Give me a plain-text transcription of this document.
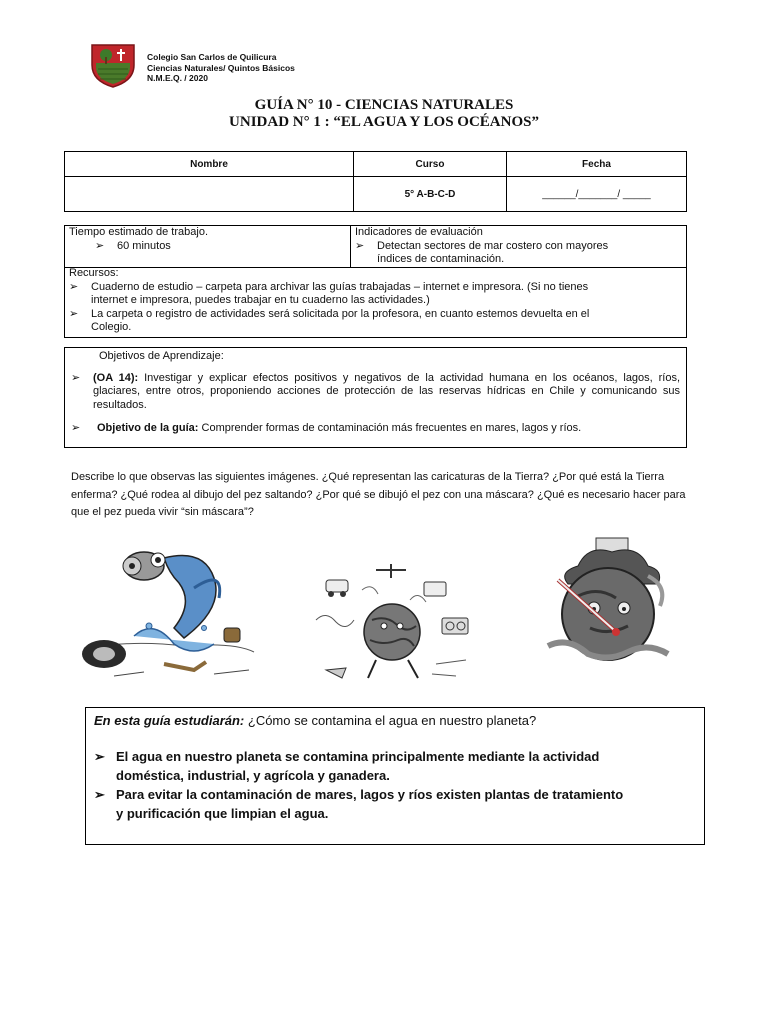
Colegio San Carlos de Quilicura
Ciencias Naturales/ Quintos Básicos
N.M.E.Q. / 2020
GUÍA N° 10 - CIENCIAS NATURALES
UNIDAD N° 1 : “EL AGUA Y LOS OCÉANOS”
Nombre	Curso	Fecha
	5° A-B-C-D	______/_______/ _____
Tiempo estimado de trabajo.
➢ 60 minutos
Indicadores de evaluación
➢ Detectan sectores de mar costero con mayores
índices de contaminación.
Recursos:
➢ Cuaderno de estudio – carpeta para archivar las guías trabajadas – internet e impresora. (Si no tienes
internet e impresora, puedes trabajar en tu cuaderno las actividades.)
➢ La carpeta o registro de actividades será solicitada por la profesora, en cuanto estemos devuelta en el
Colegio.
Objetivos de Aprendizaje:
➢	(OA 14): Investigar y explicar efectos positivos y negativos de la actividad humana en los océanos, lagos, ríos, glaciares, entre otros, proponiendo acciones de protección de las reservas hídricas en Chile y comunicando sus resultados.
➢	Objetivo de la guía: Comprender formas de contaminación más frecuentes en mares, lagos y ríos.
Describe lo que observas las siguientes imágenes. ¿Qué representan las caricaturas de la Tierra? ¿Por qué está la Tierra enferma? ¿Qué rodea al dibujo del pez saltando? ¿Por qué se dibujó el pez con una máscara? ¿Qué es necesario hacer para que el pez pueda vivir “sin máscara”?
En esta guía estudiarán: ¿Cómo se contamina el agua en nuestro planeta?
➢ El agua en nuestro planeta se contamina principalmente mediante la actividad
doméstica, industrial, y agrícola y ganadera.
➢ Para evitar la contaminación de mares, lagos y ríos existen plantas de tratamiento
y purificación que limpian el agua.
